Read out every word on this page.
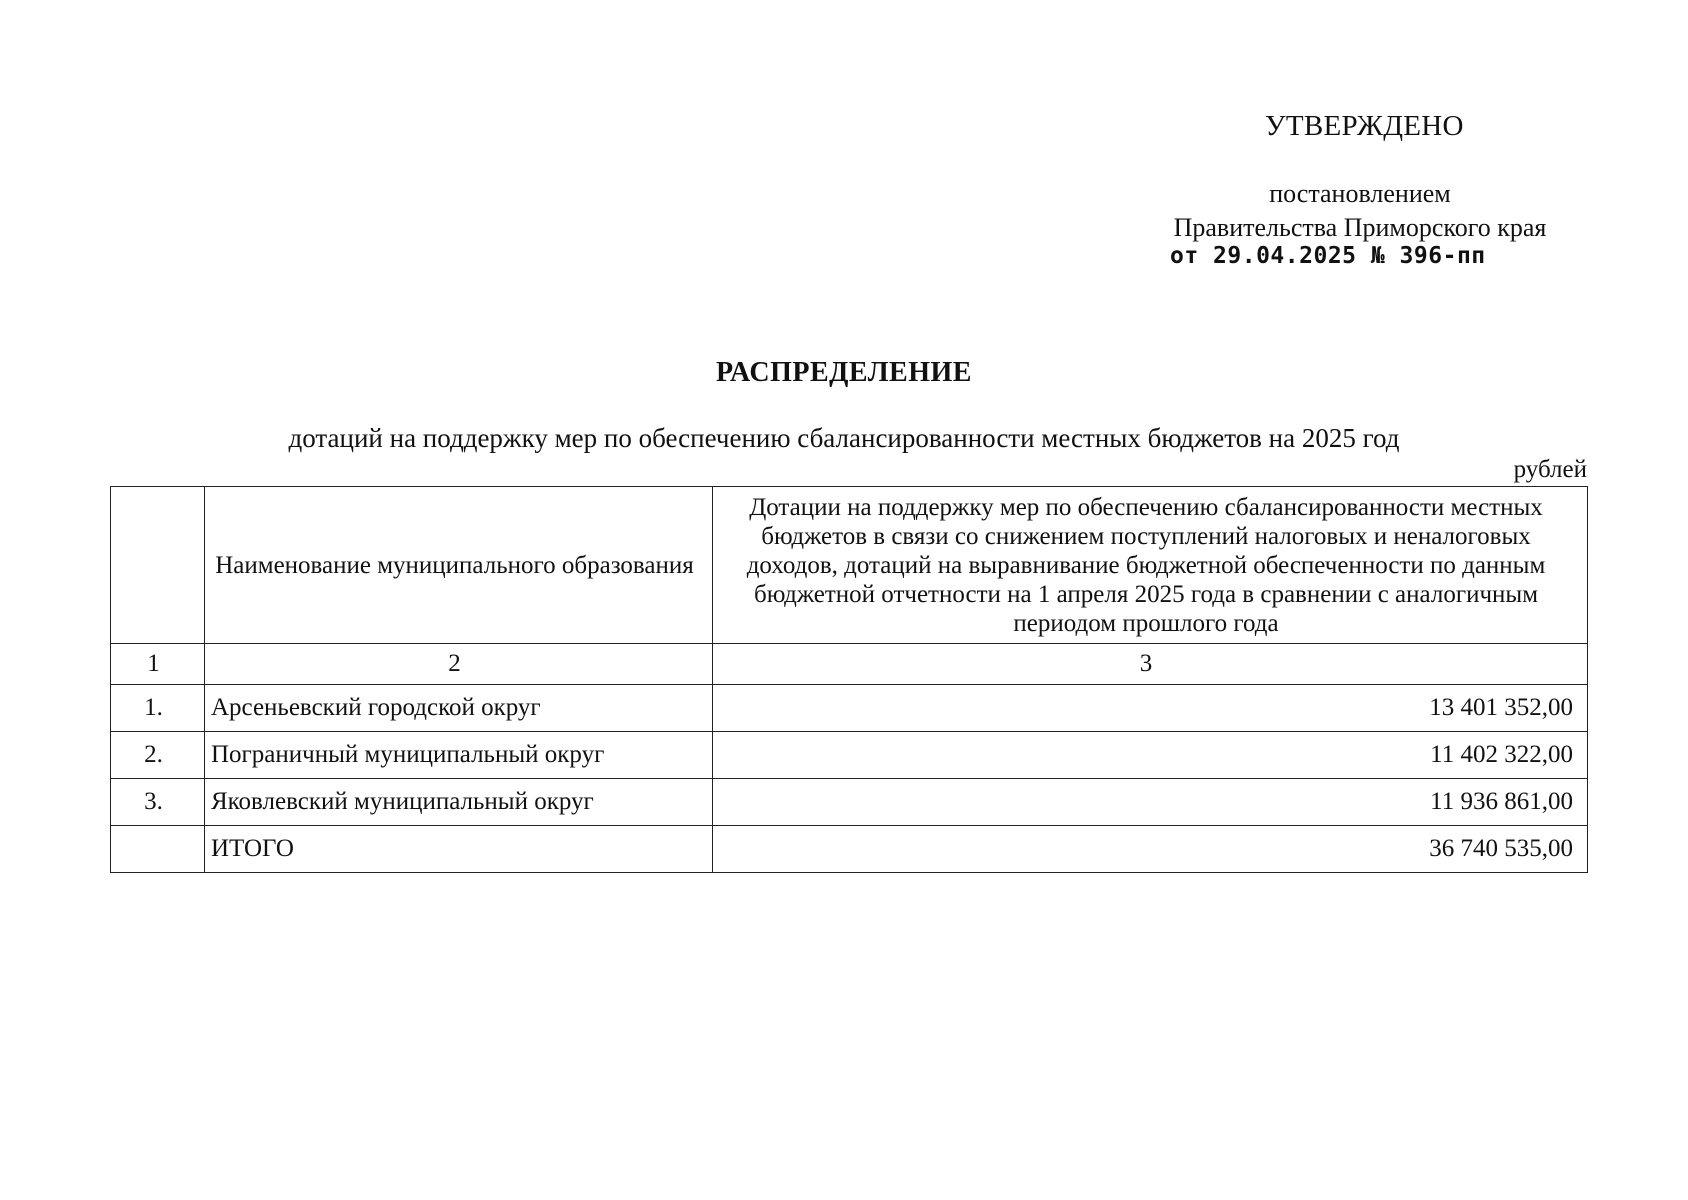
УТВЕРЖДЕНО
постановлением
Правительства Приморского края
от 29.04.2025 № 396-пп
РАСПРЕДЕЛЕНИЕ
дотаций на поддержку мер по обеспечению сбалансированности местных бюджетов на 2025 год
рублей

	Наименование муниципального образования	Дотации на поддержку мер по обеспечению сбалансированности местных бюджетов в связи со снижением поступлений налоговых и неналоговых доходов, дотаций на выравнивание бюджетной обеспеченности по данным бюджетной отчетности на 1 апреля 2025 года в сравнении с аналогичным периодом прошлого года

1	2	3
1.	Арсеньевский городской округ	13 401 352,00
2.	Пограничный муниципальный округ	11 402 322,00
3.	Яковлевский муниципальный округ	11 936 861,00
	ИТОГО	36 740 535,00
